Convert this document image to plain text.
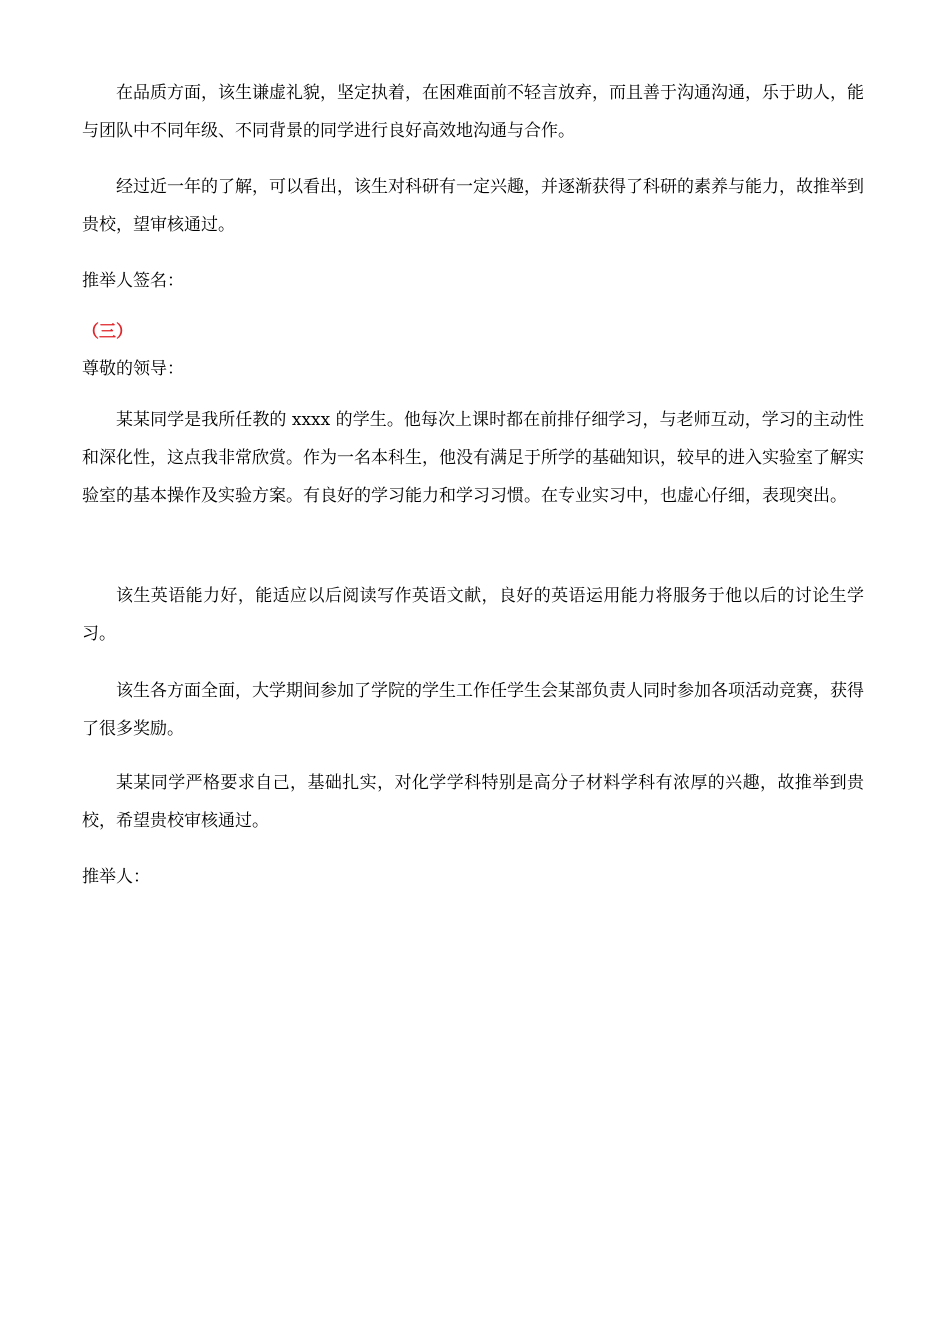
在品质方面，该生谦虚礼貌，坚定执着，在困难面前不轻言放弃，而且善于沟通沟通，乐于助人，能与团队中不同年级、不同背景的同学进行良好高效地沟通与合作。

经过近一年的了解，可以看出，该生对科研有一定兴趣，并逐渐获得了科研的素养与能力，故推举到贵校，望审核通过。

推举人签名：

（三）

尊敬的领导：

某某同学是我所任教的 xxxx 的学生。他每次上课时都在前排仔细学习，与老师互动，学习的主动性和深化性，这点我非常欣赏。作为一名本科生，他没有满足于所学的基础知识，较早的进入实验室了解实验室的基本操作及实验方案。有良好的学习能力和学习习惯。在专业实习中，也虚心仔细，表现突出。

该生英语能力好，能适应以后阅读写作英语文献，良好的英语运用能力将服务于他以后的讨论生学习。

该生各方面全面，大学期间参加了学院的学生工作任学生会某部负责人同时参加各项活动竞赛，获得了很多奖励。

某某同学严格要求自己，基础扎实，对化学学科特别是高分子材料学科有浓厚的兴趣，故推举到贵校，希望贵校审核通过。

推举人：
